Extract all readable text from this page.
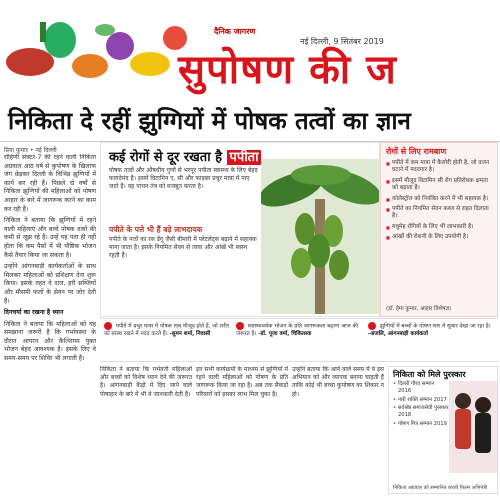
दैनिक जागरण
नई दिल्ली, 9 सितंबर 2019
सुपोषण की ज
निकिता दे रहीं झुग्गियों में पोषक तत्वों का ज्ञान
प्रिया कुमार • नई दिल्ली

रोहिणी सेक्टर-7 की रहने वाली निकिता अग्रवाल आठ वर्ष से कुपोषण के खिलाफ जंग छेड़कर दिल्ली के विभिन्न झुग्गियों में कार्य कर रही हैं। पिछले दो वर्षों से निकिता झुग्गियों की महिलाओं को पोषण आहार के बारे में जागरूक करने का काम कर रही हैं।

निकिता ने बताया कि झुग्गियों में रहने वाली महिलाएं और बच्चे पोषक तत्वों की कमी से जूझ रहे हैं। उन्हें यह पता ही नहीं होता कि कम पैसों में भी पौष्टिक भोजन कैसे तैयार किया जा सकता है।

उन्होंने आंगनबाड़ी कार्यकर्ताओं के साथ मिलकर महिलाओं को प्रशिक्षण देना शुरू किया। इसके तहत वे दाल, हरी सब्जियों और मौसमी फलों के सेवन पर जोर देती हैं।

दिनचर्या का रखना है ध्यान

निकिता ने बताया कि महिलाओं को यह समझाना जरूरी है कि गर्भावस्था के दौरान आयरन और कैल्शियम युक्त भोजन बेहद आवश्यक है। इसके लिए वे समय-समय पर शिविर भी लगाती हैं।

कई रोगों से दूर रखता है पपीता
पोषक तत्वों और औषधीय गुणों से भरपूर पपीता स्वास्थ्य के लिए बेहद फायदेमंद है। इसमें विटामिन ए, सी और फाइबर प्रचुर मात्रा में पाए जाते हैं। यह पाचन तंत्र को मजबूत करता है।
पपीते के पत्ते भी हैं बड़े लाभदायक
पपीते के पत्तों का रस डेंगू जैसी बीमारी में प्लेटलेट्स बढ़ाने में सहायक माना जाता है। इसके नियमित सेवन से त्वचा और आंखें भी स्वस्थ रहती हैं।
रोगों से लिए रामबाण
■ पपीते में कम मात्रा में कैलोरी होती है, जो वजन घटाने में मददगार है।
■ इसमें मौजूद विटामिन सी रोग प्रतिरोधक क्षमता को बढ़ाता है।
■ कोलेस्ट्रॉल को नियंत्रित करने में भी सहायक है।
■ पपीते का नियमित सेवन कब्ज से राहत दिलाता है।
■ मधुमेह रोगियों के लिए भी लाभकारी है।
■ आंखों की रोशनी के लिए उपयोगी है।
(डॉ. हेमा कुमार, आहार विशेषज्ञ)
पपीते में प्रचुर मात्रा में पोषक तत्व मौजूद होते हैं, जो शरीर को स्वस्थ रखने में मदद करते हैं। -सुमन शर्मा, निवासी
स्वास्थ्यवर्धक भोजन के प्रति जागरूकता बढ़ाना आज की जरूरत है। -डॉ. पूजा वर्मा, चिकित्सक
झुग्गियों में बच्चों के पोषण स्तर में सुधार देखा जा रहा है। -अंजलि, आंगनबाड़ी कार्यकर्ता
निकिता ने बताया कि गर्भवती महिलाओं और बच्चों को विशेष ध्यान देने की जरूरत है। आंगनबाड़ी केंद्रों में दिए जाने वाले पोषाहार के बारे में भी वे जानकारी देती हैं।
इन सभी कार्यक्रमों के माध्यम से झुग्गियों में रहने वाली महिलाओं को पोषण के प्रति जागरूक किया जा रहा है। अब तक सैकड़ों परिवारों को इसका लाभ मिल चुका है।
उन्होंने बताया कि आने वाले समय में वे इस अभियान को और व्यापक बनाना चाहती हैं ताकि कोई भी बच्चा कुपोषण का शिकार न हो।
निकिता को मिले पुरस्कार
• दिल्ली गौरव सम्मान 2016
• नारी शक्ति सम्मान 2017
• सर्वश्रेष्ठ समाजसेवी पुरस्कार 2018
• पोषण मित्र सम्मान 2019
निकिता अग्रवाल को सम्मानित करती फिल्म अभिनेत्री
